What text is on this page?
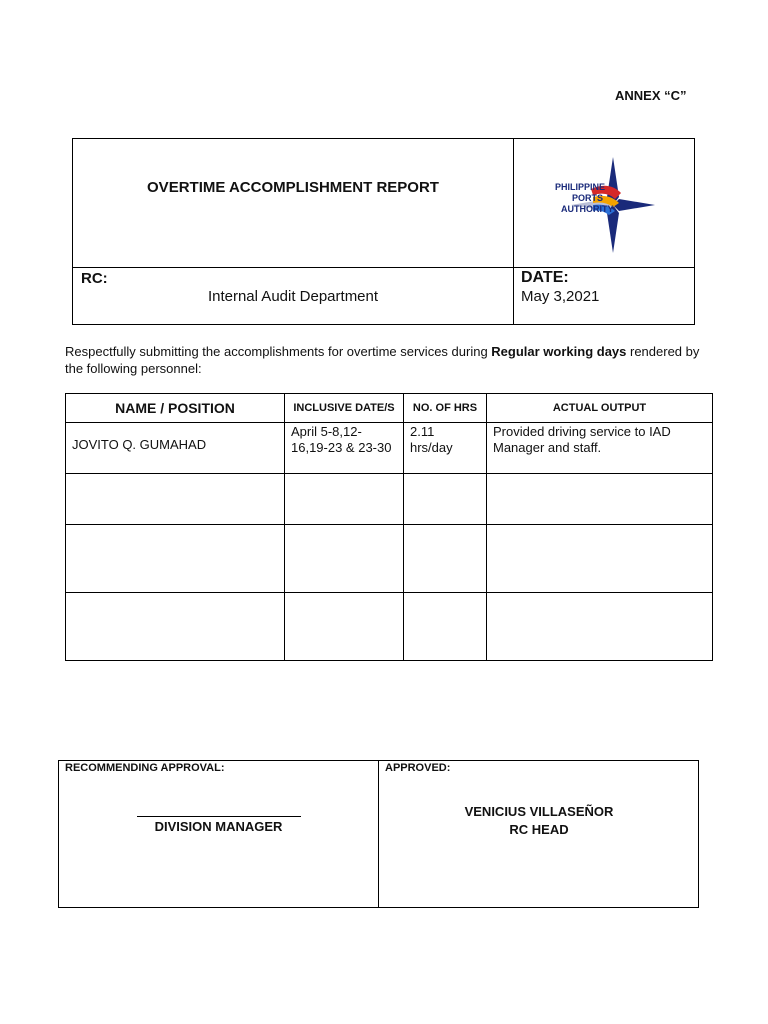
ANNEX “C”
OVERTIME ACCOMPLISHMENT REPORT	PHILIPPINE
PORTS
AUTHORITY
RC:
Internal Audit Department
DATE:
May 3,2021
Respectfully submitting the accomplishments for overtime services during Regular working days rendered by the following personnel:
NAME / POSITION	INCLUSIVE DATE/S	NO. OF HRS	ACTUAL OUTPUT

JOVITO Q. GUMAHAD	April 5-8,12-16,19-23 & 23-30	2.11 hrs/day	Provided driving service to IAD Manager and staff.

RECOMMENDING APPROVAL:
DIVISION MANAGER
APPROVED:
VENICIUS VILLASEÑOR
RC HEAD
